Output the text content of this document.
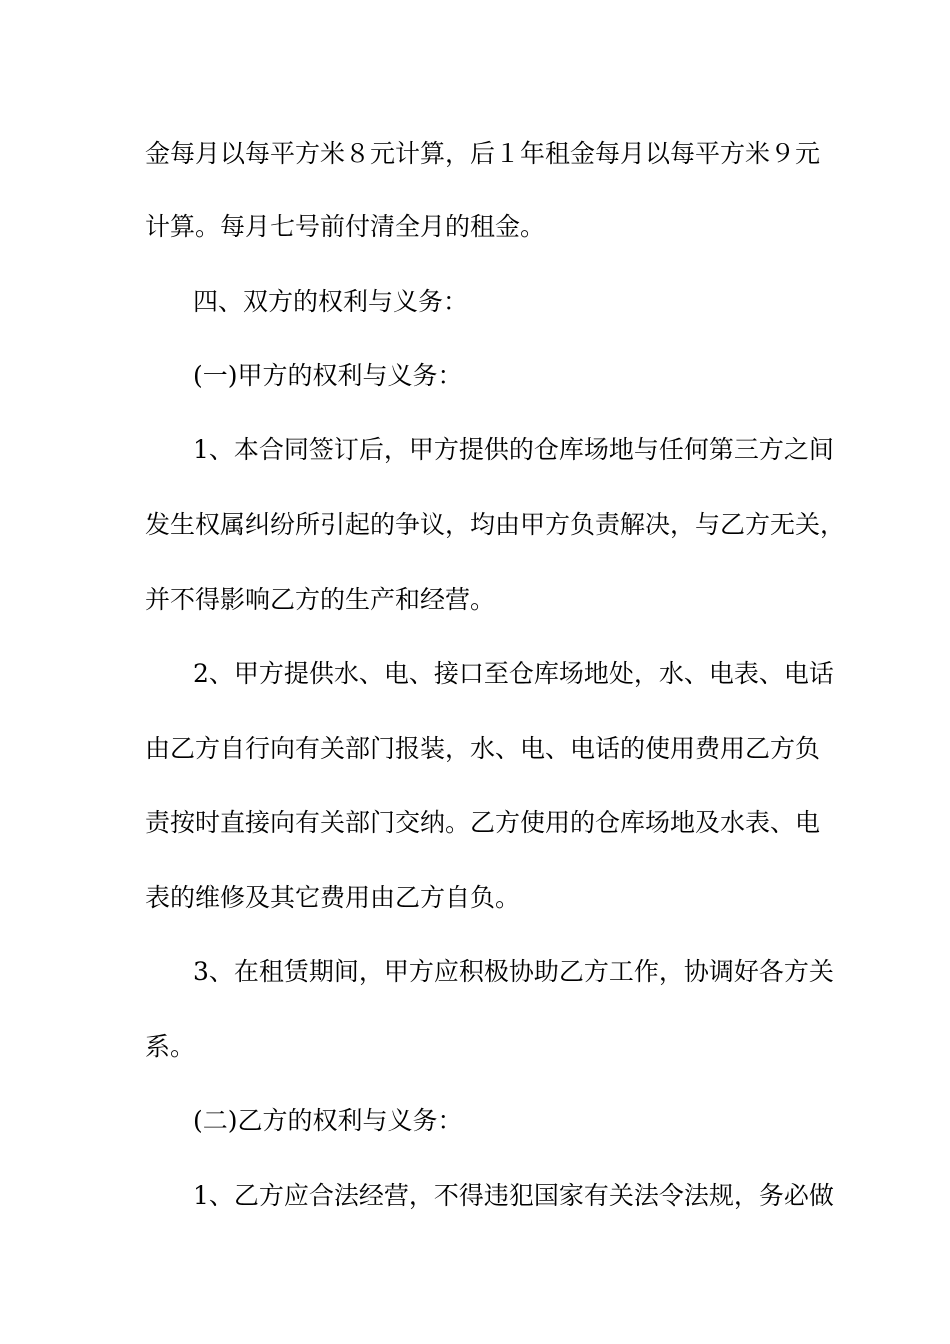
金每月以每平方米８元计算，后１年租金每月以每平方米９元
计算。每月七号前付清全月的租金。
四、双方的权利与义务：
(一)甲方的权利与义务：
1、本合同签订后，甲方提供的仓库场地与任何第三方之间
发生权属纠纷所引起的争议，均由甲方负责解决，与乙方无关，
并不得影响乙方的生产和经营。
2、甲方提供水、电、接口至仓库场地处，水、电表、电话
由乙方自行向有关部门报装，水、电、电话的使用费用乙方负
责按时直接向有关部门交纳。乙方使用的仓库场地及水表、电
表的维修及其它费用由乙方自负。
3、在租赁期间，甲方应积极协助乙方工作，协调好各方关
系。
(二)乙方的权利与义务：
1、乙方应合法经营，不得违犯国家有关法令法规，务必做
